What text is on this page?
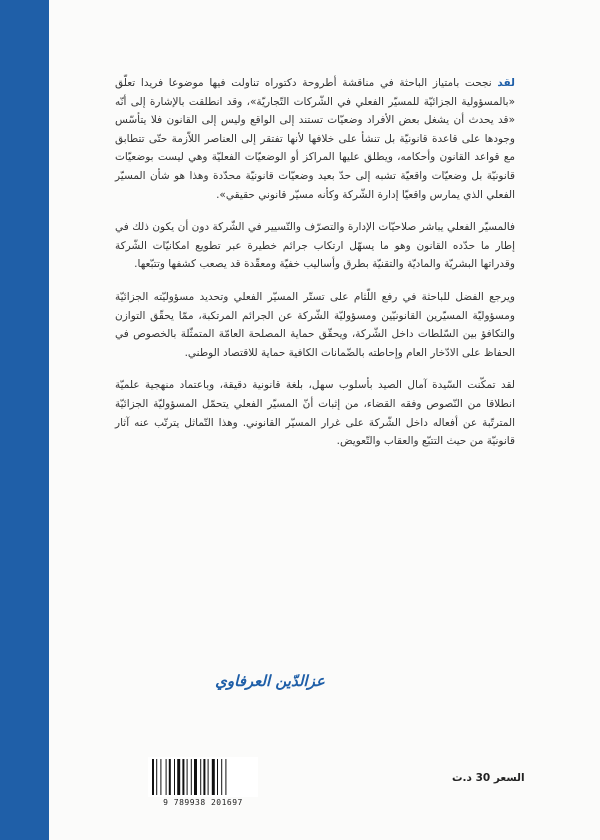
لقد نجحت بامتياز الباحثة في مناقشة أطروحة دكتوراه تناولت فيها موضوعا فريدا تعلّق «بالمسؤولية الجزائيّة للمسيّر الفعلي في الشّركات التّجاريّة»، وقد انطلقت بالإشارة إلى أنّه «قد يحدث أن يشغل بعض الأفراد وضعيّات تستند إلى الواقع وليس إلى القانون فلا يتأسّس وجودها على قاعدة قانونيّة بل تنشأ على خلافها لأنها تفتقر إلى العناصر اللاّزمة حتّى تتطابق مع قواعد القانون وأحكامه، ويطلق عليها المراكز أو الوضعيّات الفعليّة وهي ليست بوضعيّات قانونيّة بل وضعيّات واقعيّة تشبه إلى حدّ بعيد وضعيّات قانونيّة محدّدة وهذا هو شأن المسيّر الفعلي الذي يمارس واقعيّا إدارة الشّركة وكأنه مسيّر قانوني حقيقي».

فالمسيّر الفعلي يباشر صلاحيّات الإدارة والتصرّف والتّسيير في الشّركة دون أن يكون ذلك في إطار ما حدّده القانون وهو ما يسهّل ارتكاب جرائم خطيرة عبر تطويع امكانيّات الشّركة وقدراتها البشريّة والماديّة والتقنيّة بطرق وأساليب خفيّة ومعقّدة قد يصعب كشفها وتتبّعها.

ويرجع الفضل للباحثة في رفع اللّثام على تستّر المسيّر الفعلي وتحديد مسؤوليّته الجزائيّة ومسؤوليّة المسيّرين القانونيّين ومسؤوليّة الشّركة عن الجرائم المرتكبة، ممّا يحقّق التوازن والتكافؤ بين السّلطات داخل الشّركة، ويحقّق حماية المصلحة العامّة المتمثّلة بالخصوص في الحفاظ على الادّخار العام وإحاطته بالضّمانات الكافية حماية للاقتصاد الوطني.

لقد تمكّنت السّيدة آمال الصيد بأسلوب سهل، بلغة قانونية دقيقة، وباعتماد منهجية علميّة انطلاقا من النّصوص وفقه القضاء، من إثبات أنّ المسيّر الفعلي يتحمّل المسؤوليّة الجزائيّة المترتّبة عن أفعاله داخل الشّركة على غرار المسيّر القانوني. وهذا التّماثل يترتّب عنه آثار قانونيّة من حيث التتبّع والعقاب والتّعويض.

عزالدّين العرفاوي
9 789938 201697
السعر 30 د.ت
